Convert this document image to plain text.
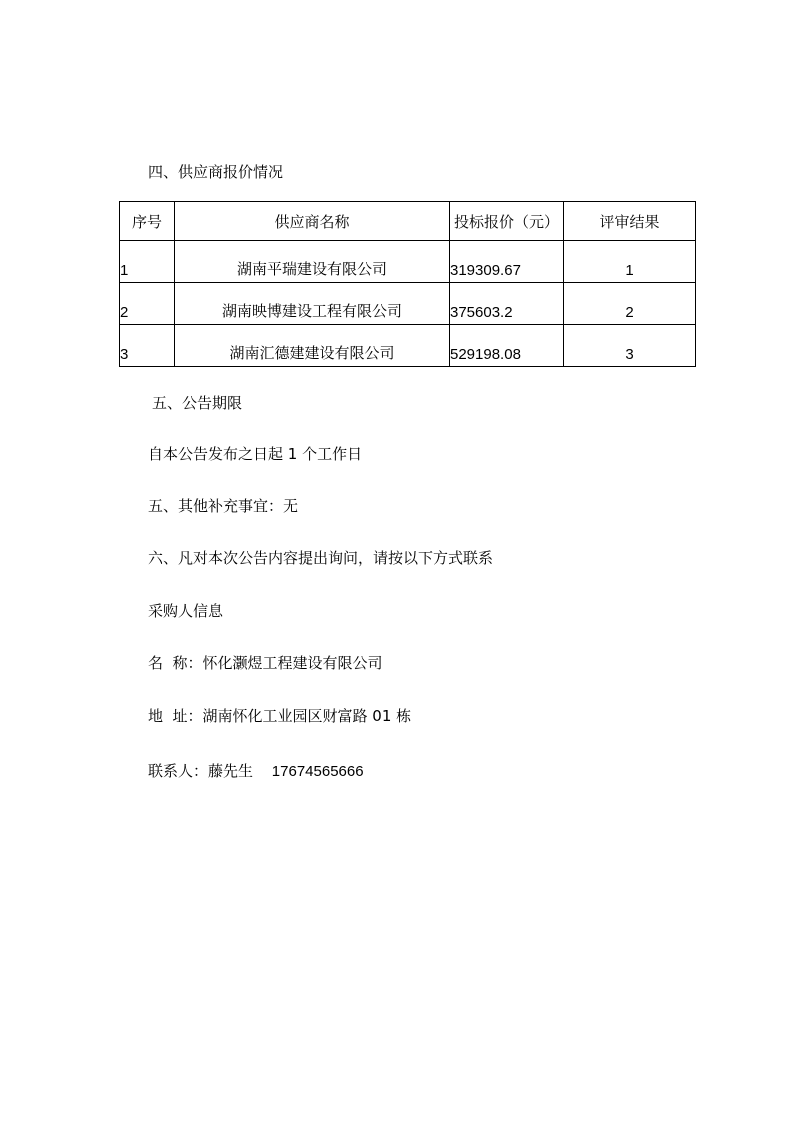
四、供应商报价情况
序号	供应商名称	投标报价（元）	评审结果
1	湖南平瑞建设有限公司	319309.67	1
2	湖南映博建设工程有限公司	375603.2	2
3	湖南汇德建建设有限公司	529198.08	3
五、公告期限
自本公告发布之日起 1 个工作日
五、其他补充事宜：无
六、凡对本次公告内容提出询问，请按以下方式联系
采购人信息
名  称：怀化灏煜工程建设有限公司
地  址：湖南怀化工业园区财富路 01 栋
联系人：藤先生 17674565666
